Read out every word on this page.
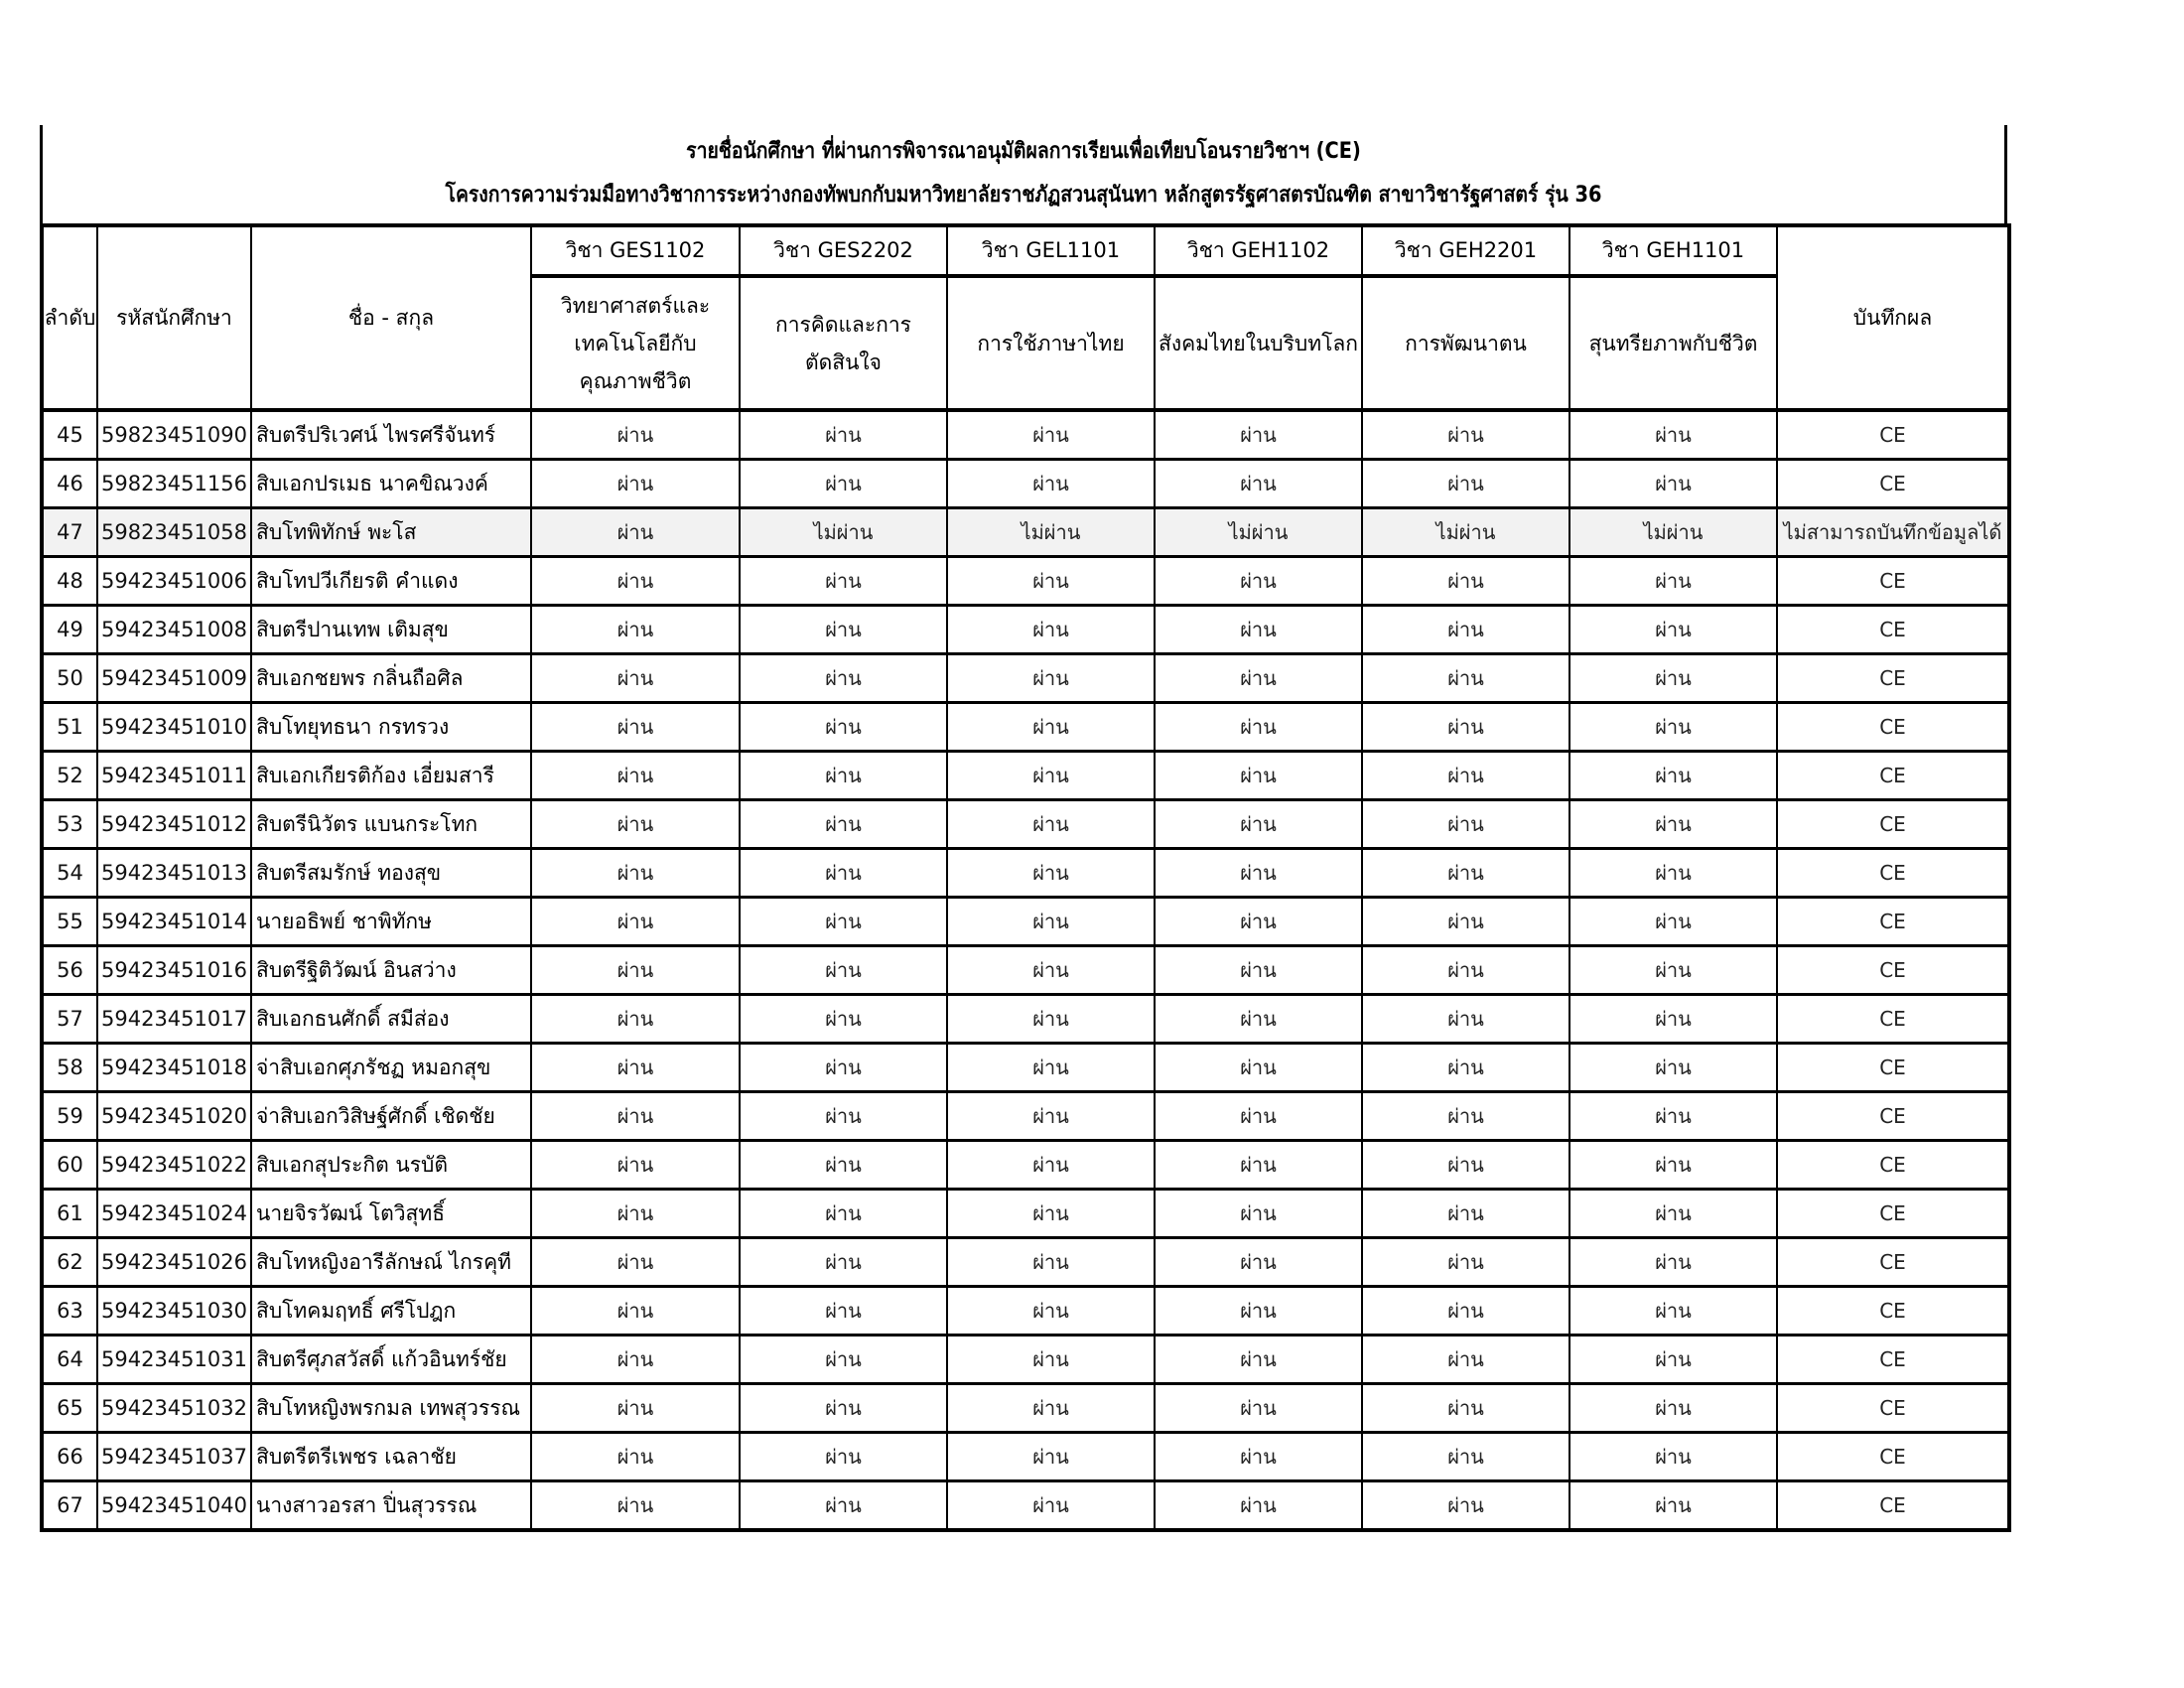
รายชื่อนักศึกษา ที่ผ่านการพิจารณาอนุมัติผลการเรียนเพื่อเทียบโอนรายวิชาฯ (CE)
โครงการความร่วมมือทางวิชาการระหว่างกองทัพบกกับมหาวิทยาลัยราชภัฏสวนสุนันทา หลักสูตรรัฐศาสตรบัณฑิต สาขาวิชารัฐศาสตร์ รุ่น 36
ลำดับ	รหัสนักศึกษา	ชื่อ - สกุล	วิชา GES1102	วิชา GES2202	วิชา GEL1101	วิชา GEH1102	วิชา GEH2201	วิชา GEH1101	บันทึกผล
			วิทยาศาสตร์และเทคโนโลยีกับคุณภาพชีวิต	การคิดและการตัดสินใจ	การใช้ภาษาไทย	สังคมไทยในบริบทโลก	การพัฒนาตน	สุนทรียภาพกับชีวิต	
45	59823451090	สิบตรีปริเวศน์ ไพรศรีจันทร์	ผ่าน	ผ่าน	ผ่าน	ผ่าน	ผ่าน	ผ่าน	CE
46	59823451156	สิบเอกปรเมธ นาคขิณวงค์	ผ่าน	ผ่าน	ผ่าน	ผ่าน	ผ่าน	ผ่าน	CE
47	59823451058	สิบโทพิทักษ์ พะโส	ผ่าน	ไม่ผ่าน	ไม่ผ่าน	ไม่ผ่าน	ไม่ผ่าน	ไม่ผ่าน	ไม่สามารถบันทึกข้อมูลได้
48	59423451006	สิบโทปวีเกียรติ คำแดง	ผ่าน	ผ่าน	ผ่าน	ผ่าน	ผ่าน	ผ่าน	CE
49	59423451008	สิบตรีปานเทพ เติมสุข	ผ่าน	ผ่าน	ผ่าน	ผ่าน	ผ่าน	ผ่าน	CE
50	59423451009	สิบเอกชยพร กลิ่นถือศิล	ผ่าน	ผ่าน	ผ่าน	ผ่าน	ผ่าน	ผ่าน	CE
51	59423451010	สิบโทยุทธนา กรทรวง	ผ่าน	ผ่าน	ผ่าน	ผ่าน	ผ่าน	ผ่าน	CE
52	59423451011	สิบเอกเกียรติก้อง เอี่ยมสารี	ผ่าน	ผ่าน	ผ่าน	ผ่าน	ผ่าน	ผ่าน	CE
53	59423451012	สิบตรีนิวัตร แบนกระโทก	ผ่าน	ผ่าน	ผ่าน	ผ่าน	ผ่าน	ผ่าน	CE
54	59423451013	สิบตรีสมรักษ์ ทองสุข	ผ่าน	ผ่าน	ผ่าน	ผ่าน	ผ่าน	ผ่าน	CE
55	59423451014	นายอธิพย์ ชาพิทักษ	ผ่าน	ผ่าน	ผ่าน	ผ่าน	ผ่าน	ผ่าน	CE
56	59423451016	สิบตรีฐิติวัฒน์ อินสว่าง	ผ่าน	ผ่าน	ผ่าน	ผ่าน	ผ่าน	ผ่าน	CE
57	59423451017	สิบเอกธนศักดิ์ สมีส่อง	ผ่าน	ผ่าน	ผ่าน	ผ่าน	ผ่าน	ผ่าน	CE
58	59423451018	จ่าสิบเอกศุภรัชฏ หมอกสุข	ผ่าน	ผ่าน	ผ่าน	ผ่าน	ผ่าน	ผ่าน	CE
59	59423451020	จ่าสิบเอกวิสิษฐ์ศักดิ์ เชิดชัย	ผ่าน	ผ่าน	ผ่าน	ผ่าน	ผ่าน	ผ่าน	CE
60	59423451022	สิบเอกสุประกิต นรบัติ	ผ่าน	ผ่าน	ผ่าน	ผ่าน	ผ่าน	ผ่าน	CE
61	59423451024	นายจิรวัฒน์ โตวิสุทธิ์	ผ่าน	ผ่าน	ผ่าน	ผ่าน	ผ่าน	ผ่าน	CE
62	59423451026	สิบโทหญิงอารีลักษณ์ ไกรคุที	ผ่าน	ผ่าน	ผ่าน	ผ่าน	ผ่าน	ผ่าน	CE
63	59423451030	สิบโทคมฤทธิ์ ศรีโปฎก	ผ่าน	ผ่าน	ผ่าน	ผ่าน	ผ่าน	ผ่าน	CE
64	59423451031	สิบตรีศุภสวัสดิ์ แก้วอินทร์ชัย	ผ่าน	ผ่าน	ผ่าน	ผ่าน	ผ่าน	ผ่าน	CE
65	59423451032	สิบโทหญิงพรกมล เทพสุวรรณ	ผ่าน	ผ่าน	ผ่าน	ผ่าน	ผ่าน	ผ่าน	CE
66	59423451037	สิบตรีตรีเพชร เฉลาชัย	ผ่าน	ผ่าน	ผ่าน	ผ่าน	ผ่าน	ผ่าน	CE
67	59423451040	นางสาวอรสา ปิ่นสุวรรณ	ผ่าน	ผ่าน	ผ่าน	ผ่าน	ผ่าน	ผ่าน	CE
